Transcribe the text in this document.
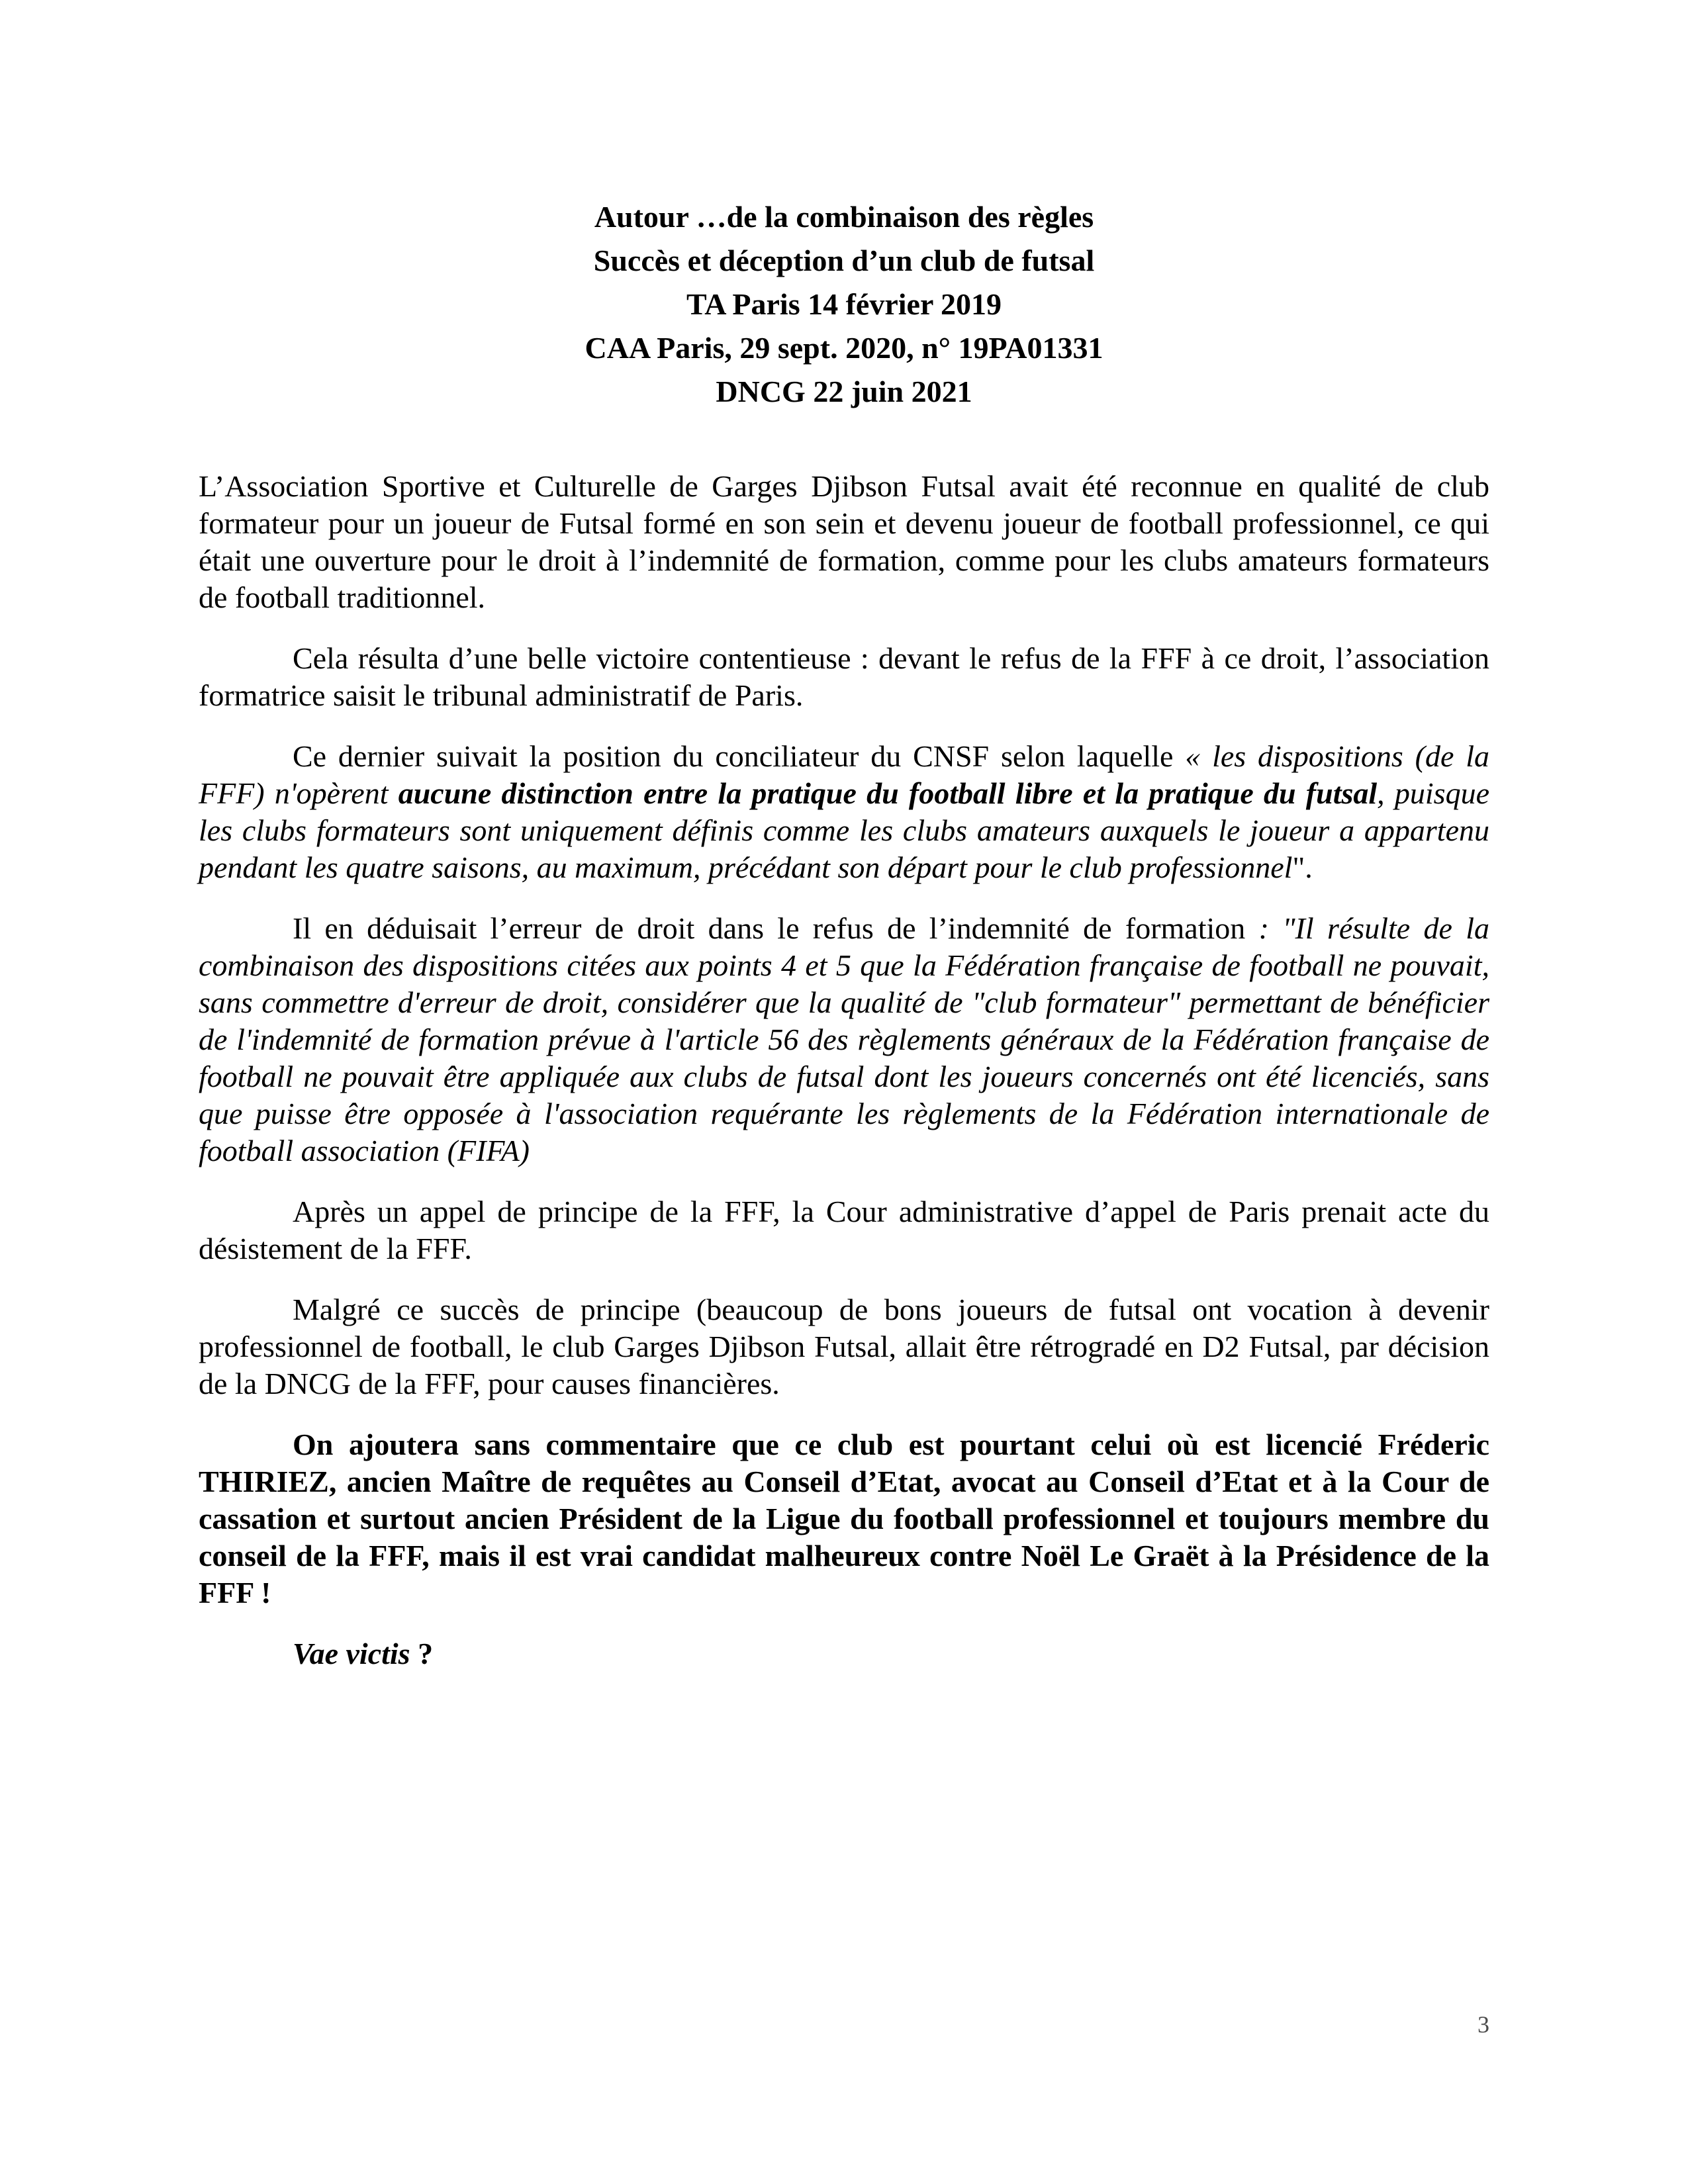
Autour …de la combinaison des règles
Succès et déception d’un club de futsal
TA Paris 14 février 2019
CAA Paris, 29 sept. 2020, n° 19PA01331
DNCG 22 juin 2021

L’Association Sportive et Culturelle de Garges Djibson Futsal avait été reconnue en qualité de club formateur pour un joueur de Futsal formé en son sein et devenu joueur de football professionnel, ce qui était une ouverture pour le droit à l’indemnité de formation, comme pour les clubs amateurs formateurs de football traditionnel.

Cela résulta d’une belle victoire contentieuse : devant le refus de la FFF à ce droit, l’association formatrice saisit le tribunal administratif de Paris.

Ce dernier suivait la position du conciliateur du CNSF selon laquelle « les dispositions (de la FFF) n'opèrent aucune distinction entre la pratique du football libre et la pratique du futsal, puisque les clubs formateurs sont uniquement définis comme les clubs amateurs auxquels le joueur a appartenu pendant les quatre saisons, au maximum, précédant son départ pour le club professionnel".

Il en déduisait l’erreur de droit dans le refus de l’indemnité de formation : "Il résulte de la combinaison des dispositions citées aux points 4 et 5 que la Fédération française de football ne pouvait, sans commettre d'erreur de droit, considérer que la qualité de "club formateur" permettant de bénéficier de l'indemnité de formation prévue à l'article 56 des règlements généraux de la Fédération française de football ne pouvait être appliquée aux clubs de futsal dont les joueurs concernés ont été licenciés, sans que puisse être opposée à l'association requérante les règlements de la Fédération internationale de football association (FIFA)

Après un appel de principe de la FFF, la Cour administrative d’appel de Paris prenait acte du désistement de la FFF.

Malgré ce succès de principe (beaucoup de bons joueurs de futsal ont vocation à devenir professionnel de football, le club Garges Djibson Futsal, allait être rétrogradé en D2 Futsal, par décision de la DNCG de la FFF, pour causes financières.

On ajoutera sans commentaire que ce club est pourtant celui où est licencié Fréderic THIRIEZ, ancien Maître de requêtes au Conseil d’Etat, avocat au Conseil d’Etat et à la Cour de cassation et surtout ancien Président de la Ligue du football professionnel et toujours membre du conseil de la FFF, mais il est vrai candidat malheureux contre Noël Le Graët à la Présidence de la FFF !

Vae victis ?

3
